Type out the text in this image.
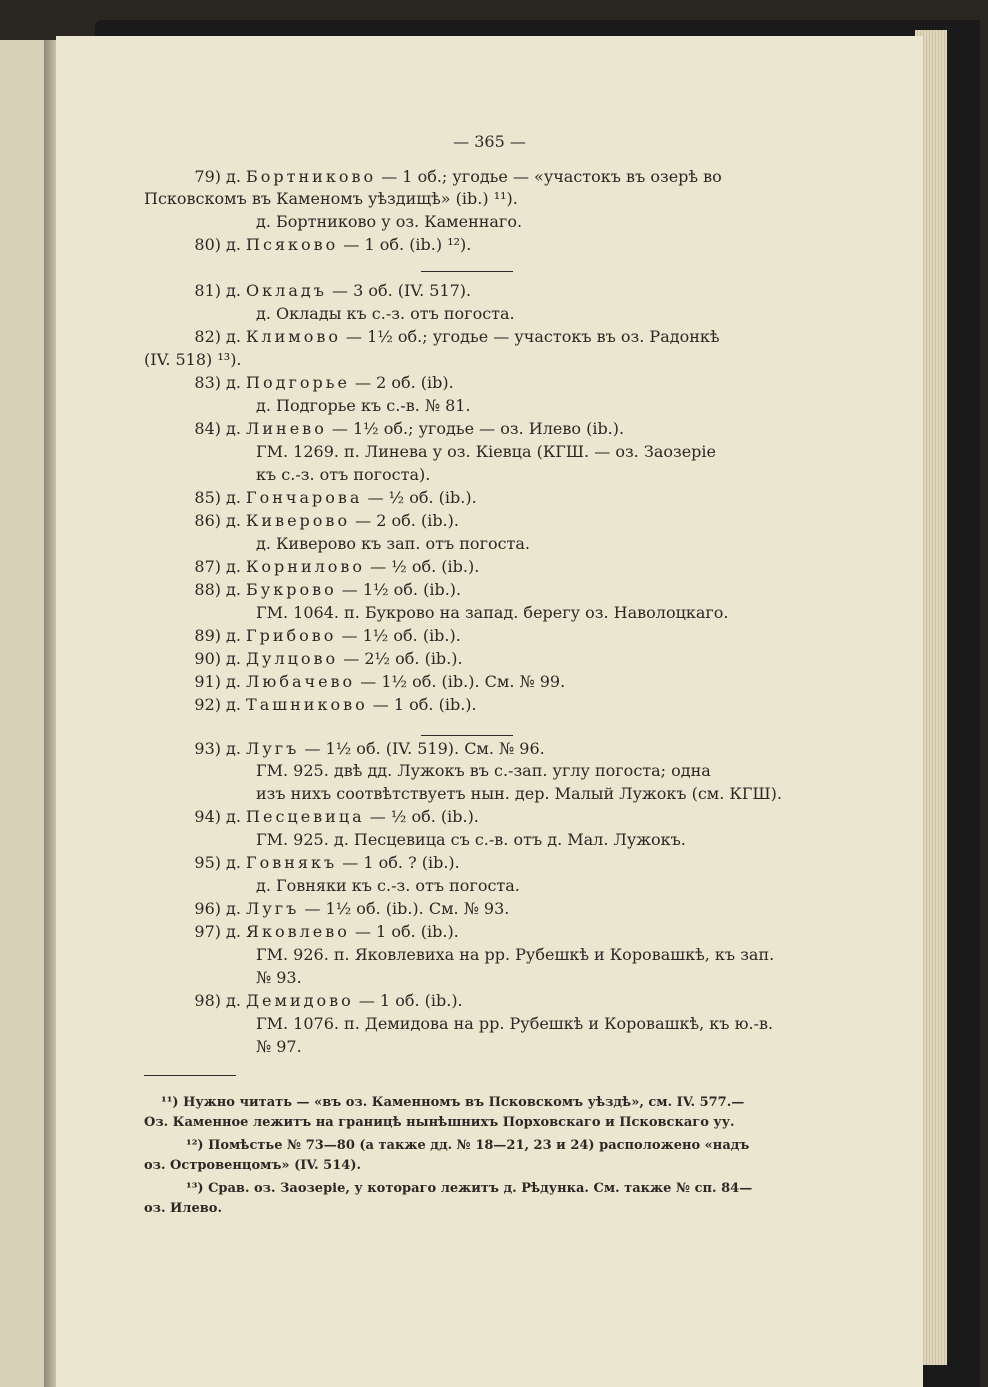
— 365 —
79) д. Бортниково — 1 об.; угодье — «участокъ въ озерѣ во
Псковскомъ въ Каменомъ уѣздищѣ» (ib.) ¹¹).
д. Бортниково у оз. Каменнаго.
80) д. Псяково — 1 об. (ib.) ¹²).
81) д. Окладъ — 3 об. (IV. 517).
д. Оклады къ с.-з. отъ погоста.
82) д. Климово — 1½ об.; угодье — участокъ въ оз. Радонкѣ
(IV. 518) ¹³).
83) д. Подгорье — 2 об. (ib).
д. Подгорье къ с.-в. № 81.
84) д. Линево — 1½ об.; угодье — оз. Илево (ib.).
ГМ. 1269. п. Линева у оз. Кіевца (КГШ. — оз. Заозеріе
къ с.-з. отъ погоста).
85) д. Гончарова — ½ об. (ib.).
86) д. Киверово — 2 об. (ib.).
д. Киверово къ зап. отъ погоста.
87) д. Корнилово — ½ об. (ib.).
88) д. Букрово — 1½ об. (ib.).
ГМ. 1064. п. Букрово на запад. берегу оз. Наволоцкаго.
89) д. Грибово — 1½ об. (ib.).
90) д. Дулцово — 2½ об. (ib.).
91) д. Любачево — 1½ об. (ib.). См. № 99.
92) д. Ташниково — 1 об. (ib.).
93) д. Лугъ — 1½ об. (IV. 519). См. № 96.
ГМ. 925. двѣ дд. Лужокъ въ с.-зап. углу погоста; одна
изъ нихъ соотвѣтствуетъ нын. дер. Малый Лужокъ (см. КГШ).
94) д. Песцевица — ½ об. (ib.).
ГМ. 925. д. Песцевица съ с.-в. отъ д. Мал. Лужокъ.
95) д. Говнякъ — 1 об. ? (ib.).
д. Говняки къ с.-з. отъ погоста.
96) д. Лугъ — 1½ об. (ib.). См. № 93.
97) д. Яковлево — 1 об. (ib.).
ГМ. 926. п. Яковлевиха на рр. Рубешкѣ и Коровашкѣ, къ зап.
№ 93.
98) д. Демидово — 1 об. (ib.).
ГМ. 1076. п. Демидова на рр. Рубешкѣ и Коровашкѣ, къ ю.-в.
№ 97.
¹¹) Нужно читать — «въ оз. Каменномъ въ Псковскомъ уѣздѣ», см. IV. 577.—
Оз. Каменное лежитъ на границѣ нынѣшнихъ Порховскаго и Псковскаго уу.
¹²) Помѣстье № 73—80 (а также дд. № 18—21, 23 и 24) расположено «надъ
оз. Островенцомъ» (IV. 514).
¹³) Срав. оз. Заозеріе, у котораго лежитъ д. Рѣдунка. См. также № сп. 84—
оз. Илево.
